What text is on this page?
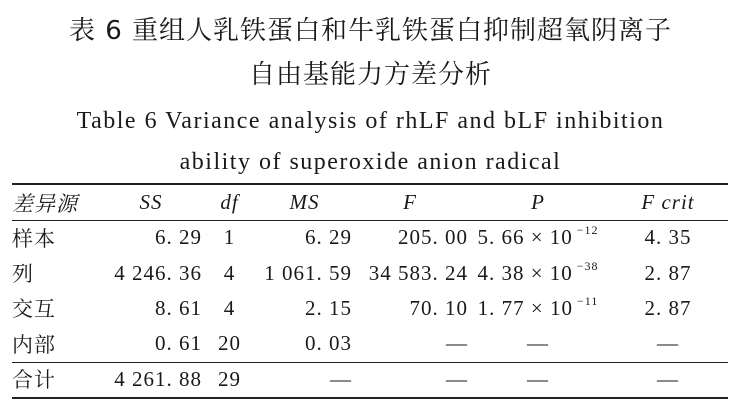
表 6 重组人乳铁蛋白和牛乳铁蛋白抑制超氧阴离子
自由基能力方差分析
Table 6 Variance analysis of rhLF and bLF inhibition
ability of superoxide anion radical
差异源	SS	df	MS	F	P	F crit
样本	6. 29	1	6. 29	205. 00	5. 66 × 10 $^{-12}$	4. 35
列	4 246. 36	4	1 061. 59	34 583. 24	4. 38 × 10 $^{-38}$	2. 87
交互	8. 61	4	2. 15	70. 10	1. 77 × 10 $^{-11}$	2. 87
内部	0. 61	20	0. 03	—	—	—
合计	4 261. 88	29	—	—	—	—
